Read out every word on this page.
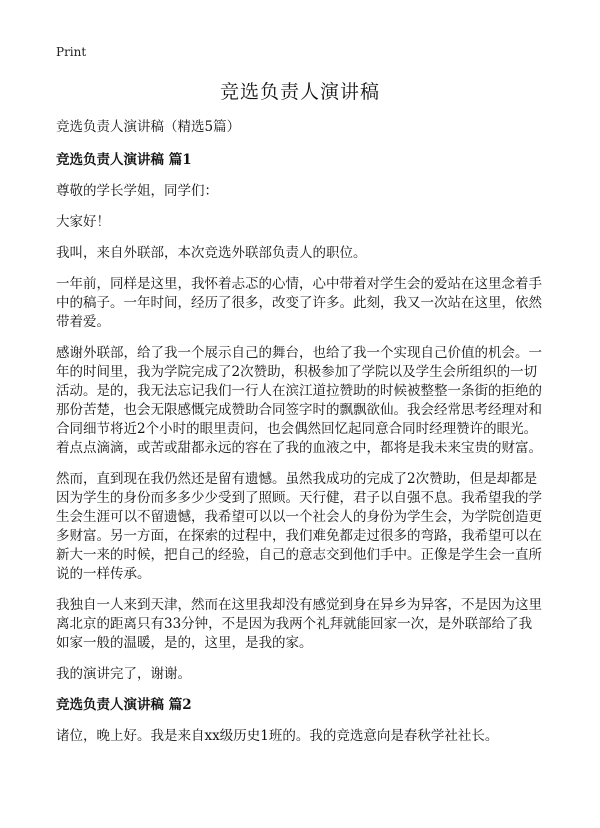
Print
竞选负责人演讲稿

竞选负责人演讲稿（精选5篇）

竞选负责人演讲稿 篇1

尊敬的学长学姐，同学们：

大家好！

我叫，来自外联部，本次竞选外联部负责人的职位。

一年前，同样是这里，我怀着忐忑的心情，心中带着对学生会的爱站在这里念着手中的稿子。一年时间，经历了很多，改变了许多。此刻，我又一次站在这里，依然带着爱。

感谢外联部，给了我一个展示自己的舞台，也给了我一个实现自己价值的机会。一年的时间里，我为学院完成了2次赞助，积极参加了学院以及学生会所组织的一切活动。是的，我无法忘记我们一行人在滨江道拉赞助的时候被整整一条街的拒绝的那份苦楚，也会无限感慨完成赞助合同签字时的飘飘欲仙。我会经常思考经理对和合同细节将近2个小时的眼里责问，也会偶然回忆起同意合同时经理赞许的眼光。着点点滴滴，或苦或甜都永远的容在了我的血液之中，都将是我未来宝贵的财富。

然而，直到现在我仍然还是留有遗憾。虽然我成功的完成了2次赞助，但是却都是因为学生的身份而多多少少受到了照顾。天行健，君子以自强不息。我希望我的学生会生涯可以不留遗憾，我希望可以以一个社会人的身份为学生会，为学院创造更多财富。另一方面，在探索的过程中，我们难免都走过很多的弯路，我希望可以在新大一来的时候，把自己的经验，自己的意志交到他们手中。正像是学生会一直所说的一样传承。

我独自一人来到天津，然而在这里我却没有感觉到身在异乡为异客，不是因为这里离北京的距离只有33分钟，不是因为我两个礼拜就能回家一次，是外联部给了我如家一般的温暖，是的，这里，是我的家。

我的演讲完了，谢谢。

竞选负责人演讲稿 篇2

诸位，晚上好。我是来自xx级历史1班的。我的竞选意向是春秋学社社长。
